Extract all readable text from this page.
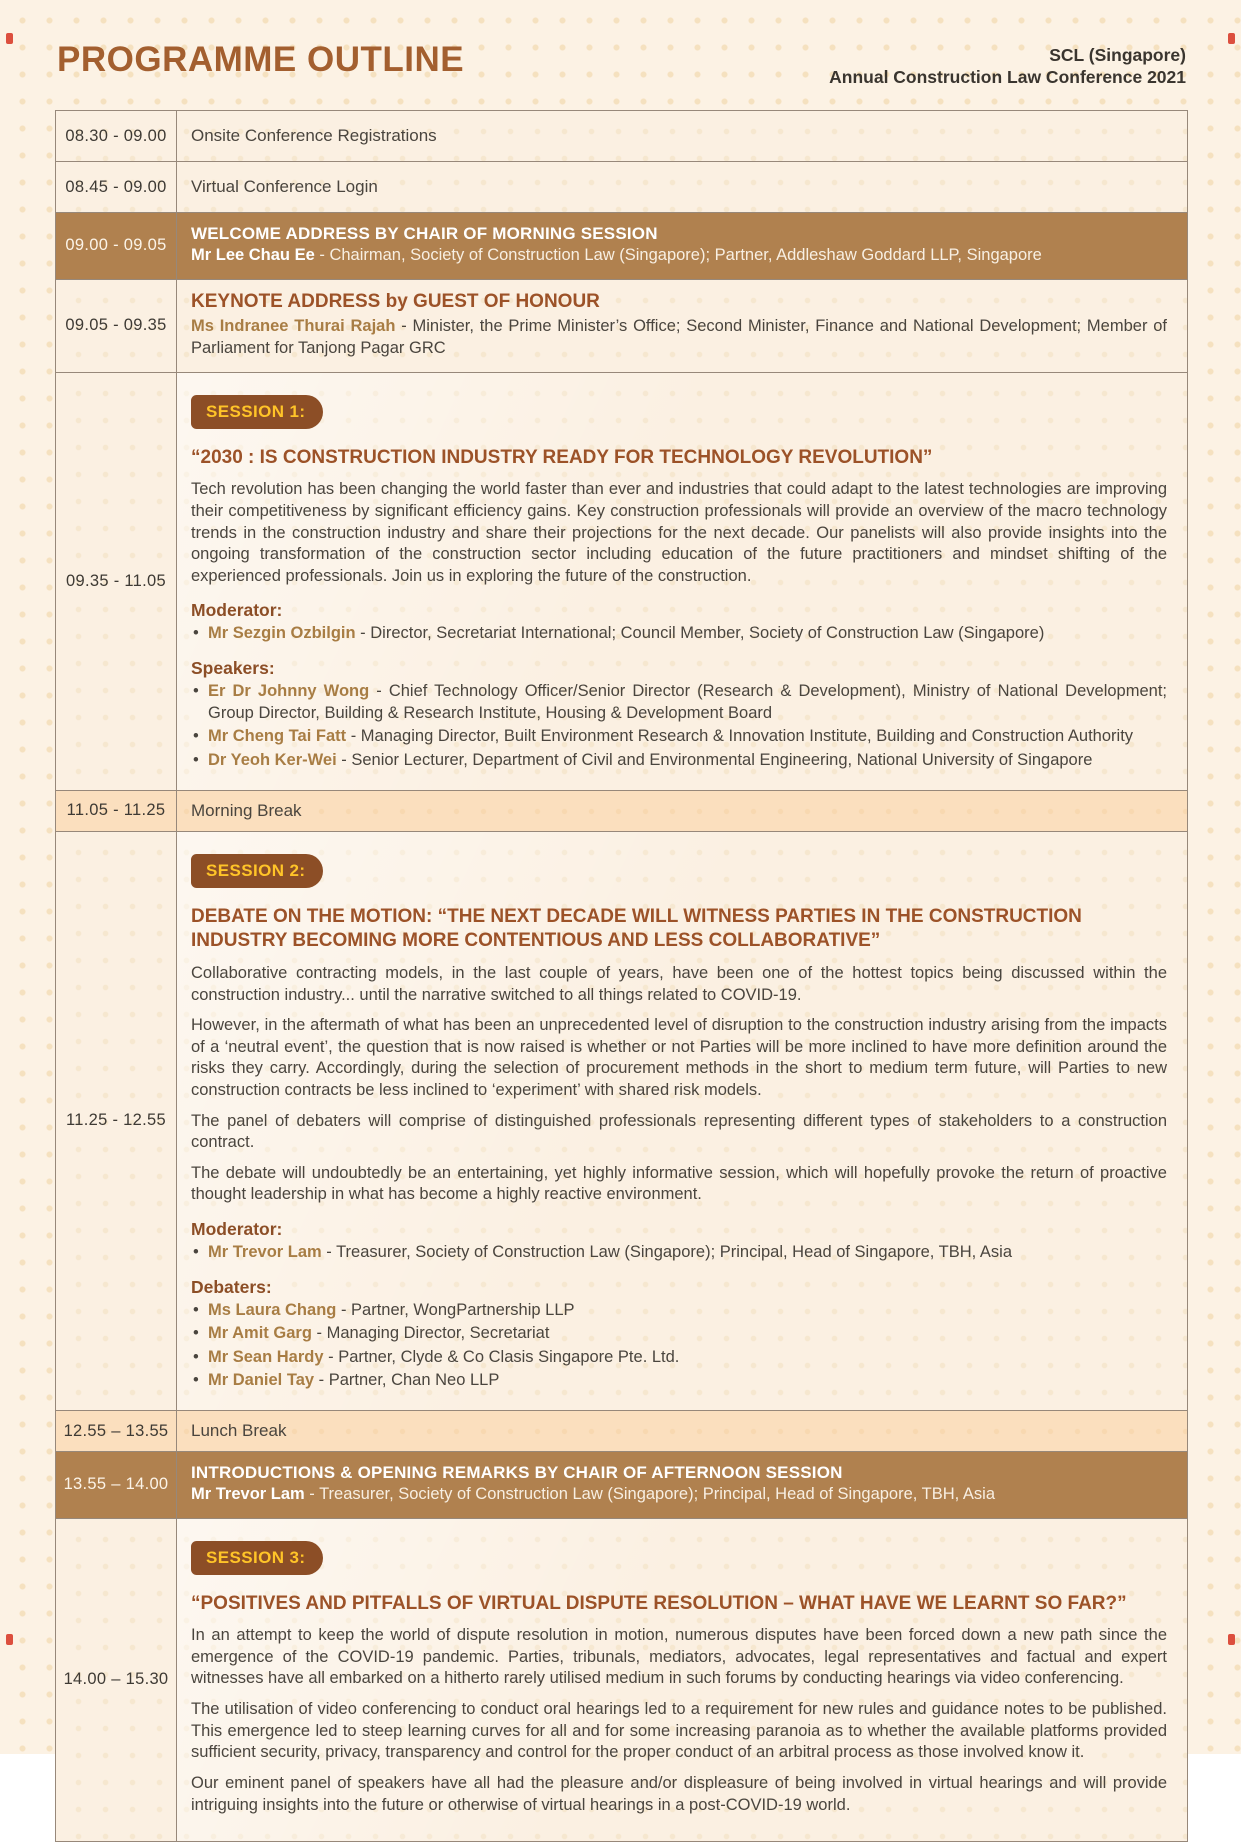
PROGRAMME OUTLINE	SCL (Singapore)
Annual Construction Law Conference 2021
08.30 - 09.00	Onsite Conference Registrations
08.45 - 09.00	Virtual Conference Login
09.00 - 09.05
WELCOME ADDRESS BY CHAIR OF MORNING SESSION
Mr Lee Chau Ee - Chairman, Society of Construction Law (Singapore); Partner, Addleshaw Goddard LLP, Singapore
09.05 - 09.35
KEYNOTE ADDRESS by GUEST OF HONOUR
Ms Indranee Thurai Rajah - Minister, the Prime Minister’s Office; Second Minister, Finance and National Development; Member of Parliament for Tanjong Pagar GRC
09.35 - 11.05
SESSION 1:
“2030 : IS CONSTRUCTION INDUSTRY READY FOR TECHNOLOGY REVOLUTION”

Tech revolution has been changing the world faster than ever and industries that could adapt to the latest technologies are improving their competitiveness by significant efficiency gains. Key construction professionals will provide an overview of the macro technology trends in the construction industry and share their projections for the next decade. Our panelists will also provide insights into the ongoing transformation of the construction sector including education of the future practitioners and mindset shifting of the experienced professionals. Join us in exploring the future of the construction.

Moderator:
• Mr Sezgin Ozbilgin - Director, Secretariat International; Council Member, Society of Construction Law (Singapore)
Speakers:
• Er Dr Johnny Wong - Chief Technology Officer/Senior Director (Research & Development), Ministry of National Development; Group Director, Building & Research Institute, Housing & Development Board
• Mr Cheng Tai Fatt - Managing Director, Built Environment Research & Innovation Institute, Building and Construction Authority
• Dr Yeoh Ker-Wei - Senior Lecturer, Department of Civil and Environmental Engineering, National University of Singapore
11.05 - 11.25	Morning Break
11.25 - 12.55
SESSION 2:
DEBATE ON THE MOTION: “THE NEXT DECADE WILL WITNESS PARTIES IN THE CONSTRUCTION INDUSTRY BECOMING MORE CONTENTIOUS AND LESS COLLABORATIVE”

Collaborative contracting models, in the last couple of years, have been one of the hottest topics being discussed within the construction industry... until the narrative switched to all things related to COVID-19.

However, in the aftermath of what has been an unprecedented level of disruption to the construction industry arising from the impacts of a ‘neutral event’, the question that is now raised is whether or not Parties will be more inclined to have more definition around the risks they carry. Accordingly, during the selection of procurement methods in the short to medium term future, will Parties to new construction contracts be less inclined to ‘experiment’ with shared risk models.

The panel of debaters will comprise of distinguished professionals representing different types of stakeholders to a construction contract.

The debate will undoubtedly be an entertaining, yet highly informative session, which will hopefully provoke the return of proactive thought leadership in what has become a highly reactive environment.

Moderator:
• Mr Trevor Lam - Treasurer, Society of Construction Law (Singapore); Principal, Head of Singapore, TBH, Asia
Debaters:
• Ms Laura Chang - Partner, WongPartnership LLP
• Mr Amit Garg - Managing Director, Secretariat
• Mr Sean Hardy - Partner, Clyde & Co Clasis Singapore Pte. Ltd.
• Mr Daniel Tay - Partner, Chan Neo LLP
12.55 – 13.55	Lunch Break
13.55 – 14.00
INTRODUCTIONS & OPENING REMARKS BY CHAIR OF AFTERNOON SESSION
Mr Trevor Lam - Treasurer, Society of Construction Law (Singapore); Principal, Head of Singapore, TBH, Asia
14.00 – 15.30
SESSION 3:
“POSITIVES AND PITFALLS OF VIRTUAL DISPUTE RESOLUTION – WHAT HAVE WE LEARNT SO FAR?”

In an attempt to keep the world of dispute resolution in motion, numerous disputes have been forced down a new path since the emergence of the COVID-19 pandemic. Parties, tribunals, mediators, advocates, legal representatives and factual and expert witnesses have all embarked on a hitherto rarely utilised medium in such forums by conducting hearings via video conferencing.

The utilisation of video conferencing to conduct oral hearings led to a requirement for new rules and guidance notes to be published. This emergence led to steep learning curves for all and for some increasing paranoia as to whether the available platforms provided sufficient security, privacy, transparency and control for the proper conduct of an arbitral process as those involved know it.

Our eminent panel of speakers have all had the pleasure and/or displeasure of being involved in virtual hearings and will provide intriguing insights into the future or otherwise of virtual hearings in a post-COVID-19 world.
